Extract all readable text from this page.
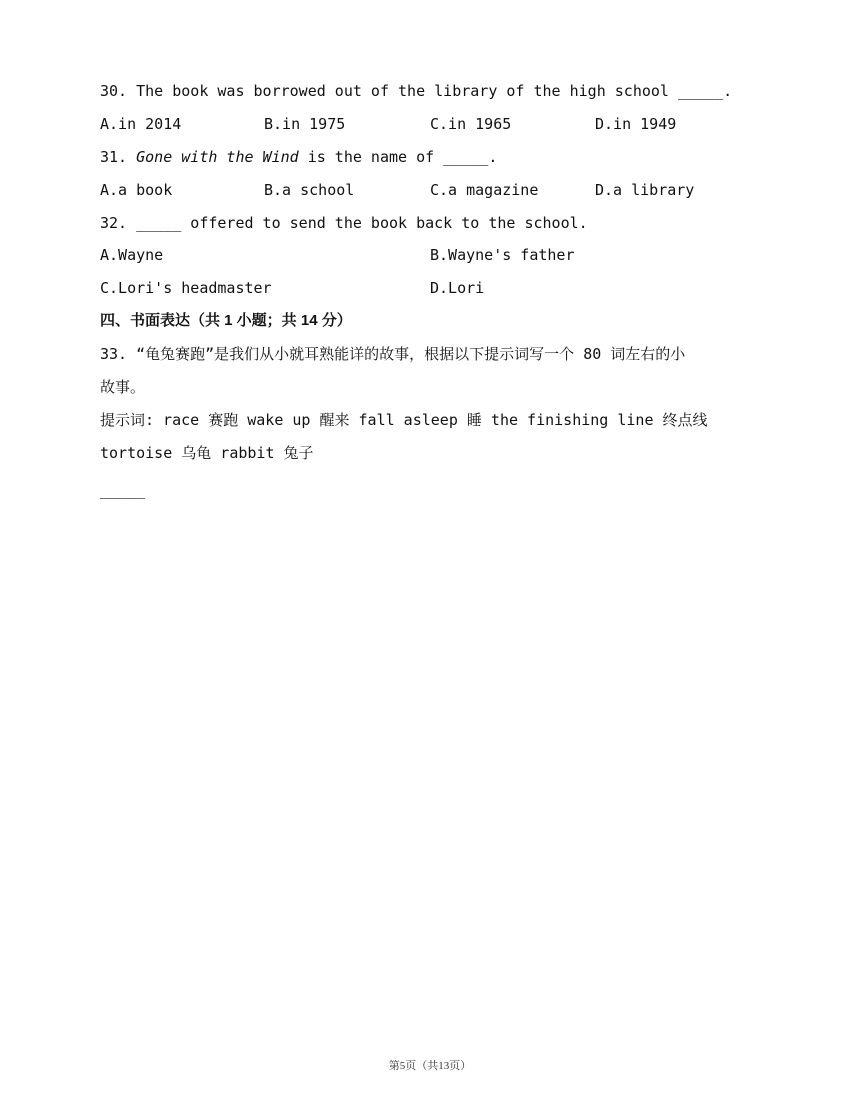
30. The book was borrowed out of the library of the high school _____.
A.in 2014	B.in 1975	C.in 1965	D.in 1949
31. Gone with the Wind is the name of _____.
A.a book	B.a school	C.a magazine	D.a library
32. _____ offered to send the book back to the school.
A.Wayne	B.Wayne's father
C.Lori's headmaster	D.Lori
四、书面表达（共 1 小题；共 14 分）
33. “龟兔赛跑”是我们从小就耳熟能详的故事，根据以下提示词写一个 80 词左右的小
故事。
提示词: race 赛跑 wake up 醒来 fall asleep 睡 the finishing line 终点线
tortoise 乌龟 rabbit 兔子
_____
第5页（共13页）
